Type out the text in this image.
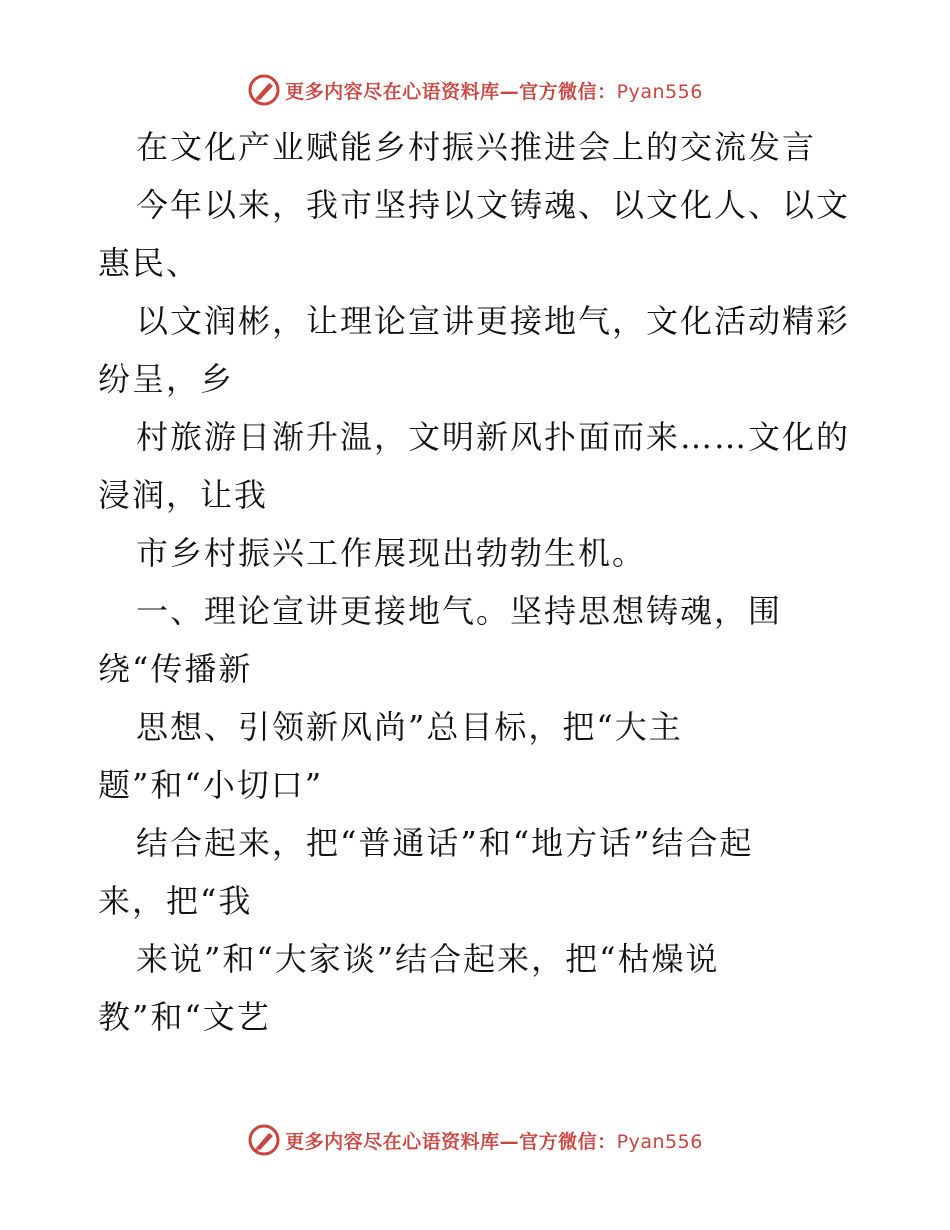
更多内容尽在心语资料库—官方微信：Pyan556
在文化产业赋能乡村振兴推进会上的交流发言
今年以来，我市坚持以文铸魂、以文化人、以文
惠民、
以文润彬，让理论宣讲更接地气，文化活动精彩
纷呈，乡
村旅游日渐升温，文明新风扑面而来……文化的
浸润，让我
市乡村振兴工作展现出勃勃生机。
一、理论宣讲更接地气。坚持思想铸魂，围
绕“传播新
思想、引领新风尚”总目标，把“大主
题”和“小切口”
结合起来，把“普通话”和“地方话”结合起
来，把“我
来说”和“大家谈”结合起来，把“枯燥说
教”和“文艺
更多内容尽在心语资料库—官方微信：Pyan556
